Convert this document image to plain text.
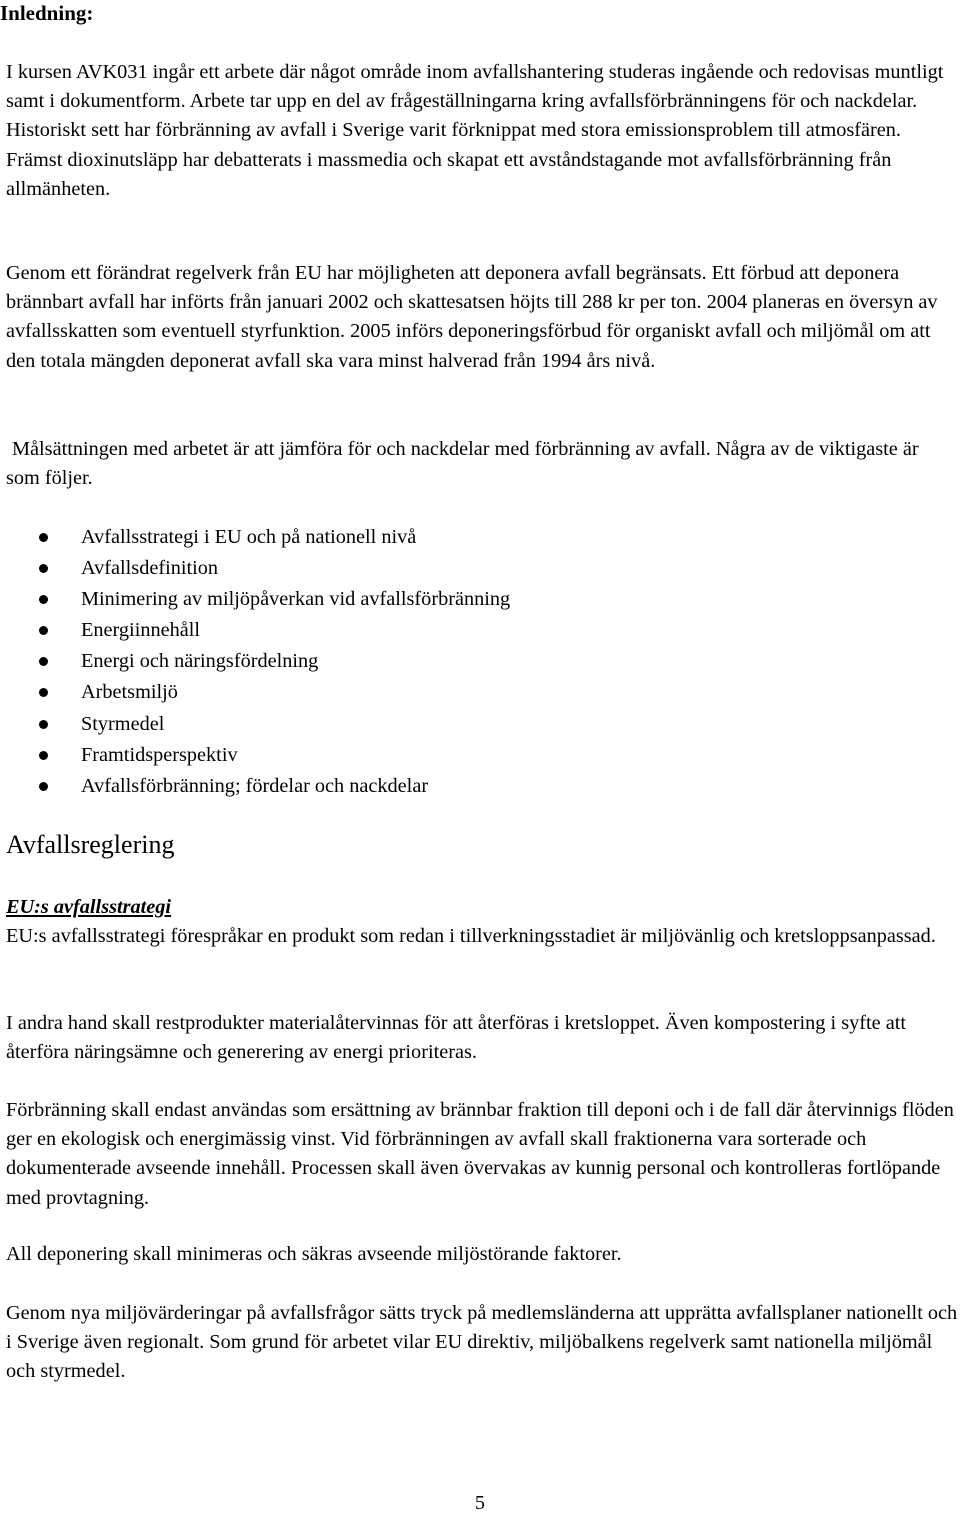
Inledning:

I kursen AVK031 ingår ett arbete där något område inom avfallshantering studeras ingående och redovisas muntligt samt i dokumentform. Arbete tar upp en del av frågeställningarna kring avfallsförbränningens för och nackdelar. Historiskt sett har förbränning av avfall i Sverige varit förknippat med stora emissionsproblem till atmosfären. Främst dioxinutsläpp har debatterats i massmedia och skapat ett avståndstagande mot avfallsförbränning från allmänheten.

Genom ett förändrat regelverk från EU har möjligheten att deponera avfall begränsats. Ett förbud att deponera brännbart avfall har införts från januari 2002 och skattesatsen höjts till 288 kr per ton. 2004 planeras en översyn av avfallsskatten som eventuell styrfunktion. 2005 införs deponeringsförbud för organiskt avfall och miljömål om att den totala mängden deponerat avfall ska vara minst halverad från 1994 års nivå.

Målsättningen med arbetet är att jämföra för och nackdelar med förbränning av avfall. Några av de viktigaste är som följer.

Avfallsstrategi i EU och på nationell nivå
Avfallsdefinition
Minimering av miljöpåverkan vid avfallsförbränning
Energiinnehåll
Energi och näringsfördelning
Arbetsmiljö
Styrmedel
Framtidsperspektiv
Avfallsförbränning; fördelar och nackdelar
Avfallsreglering
EU:s avfallsstrategi

EU:s avfallsstrategi förespråkar en produkt som redan i tillverkningsstadiet är miljövänlig och kretsloppsanpassad.

I andra hand skall restprodukter materialåtervinnas för att återföras i kretsloppet. Även kompostering i syfte att återföra näringsämne och generering av energi prioriteras.

Förbränning skall endast användas som ersättning av brännbar fraktion till deponi och i de fall där återvinnigs flöden ger en ekologisk och energimässig vinst. Vid förbränningen av avfall skall fraktionerna vara sorterade och dokumenterade avseende innehåll. Processen skall även övervakas av kunnig personal och kontrolleras fortlöpande med provtagning.

All deponering skall minimeras och säkras avseende miljöstörande faktorer.

Genom nya miljövärderingar på avfallsfrågor sätts tryck på medlemsländerna att upprätta avfallsplaner nationellt och i Sverige även regionalt. Som grund för arbetet vilar EU direktiv, miljöbalkens regelverk samt nationella miljömål och styrmedel.

5
